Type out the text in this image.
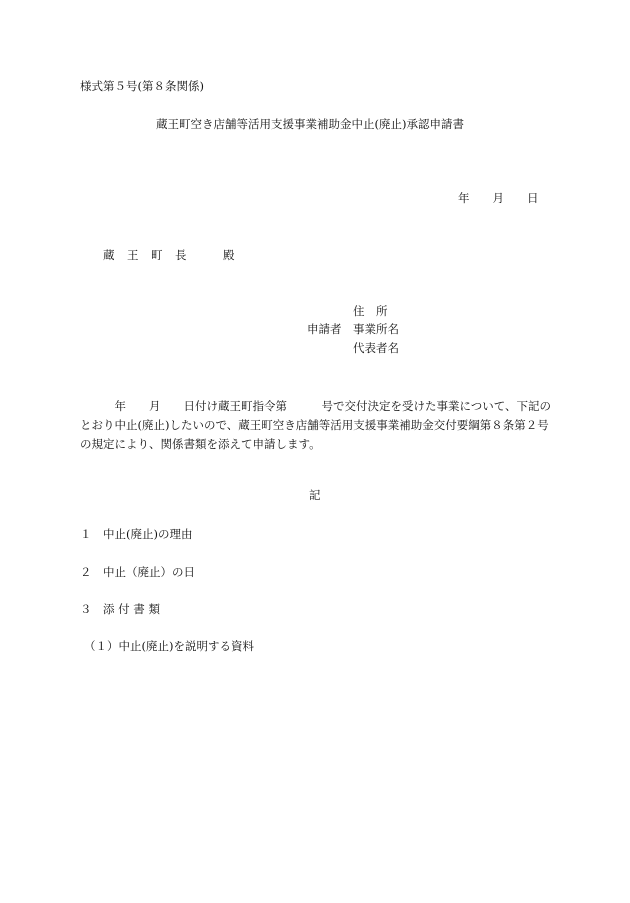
様式第５号(第８条関係)
蔵王町空き店舗等活用支援事業補助金中止(廃止)承認申請書
年　　月　　日
蔵　王　町　長　　　殿
住　所
申請者 事業所名
代表者名
　　　年　　月　　日付け蔵王町指令第　　　号で交付決定を受けた事業について、下記のとおり中止(廃止)したいので、蔵王町空き店舗等活用支援事業補助金交付要綱第８条第２号の規定により、関係書類を添えて申請します。
記
１　中止(廃止)の理由
２　中止（廃止）の日
３　添 付 書 類
（１）中止(廃止)を説明する資料
